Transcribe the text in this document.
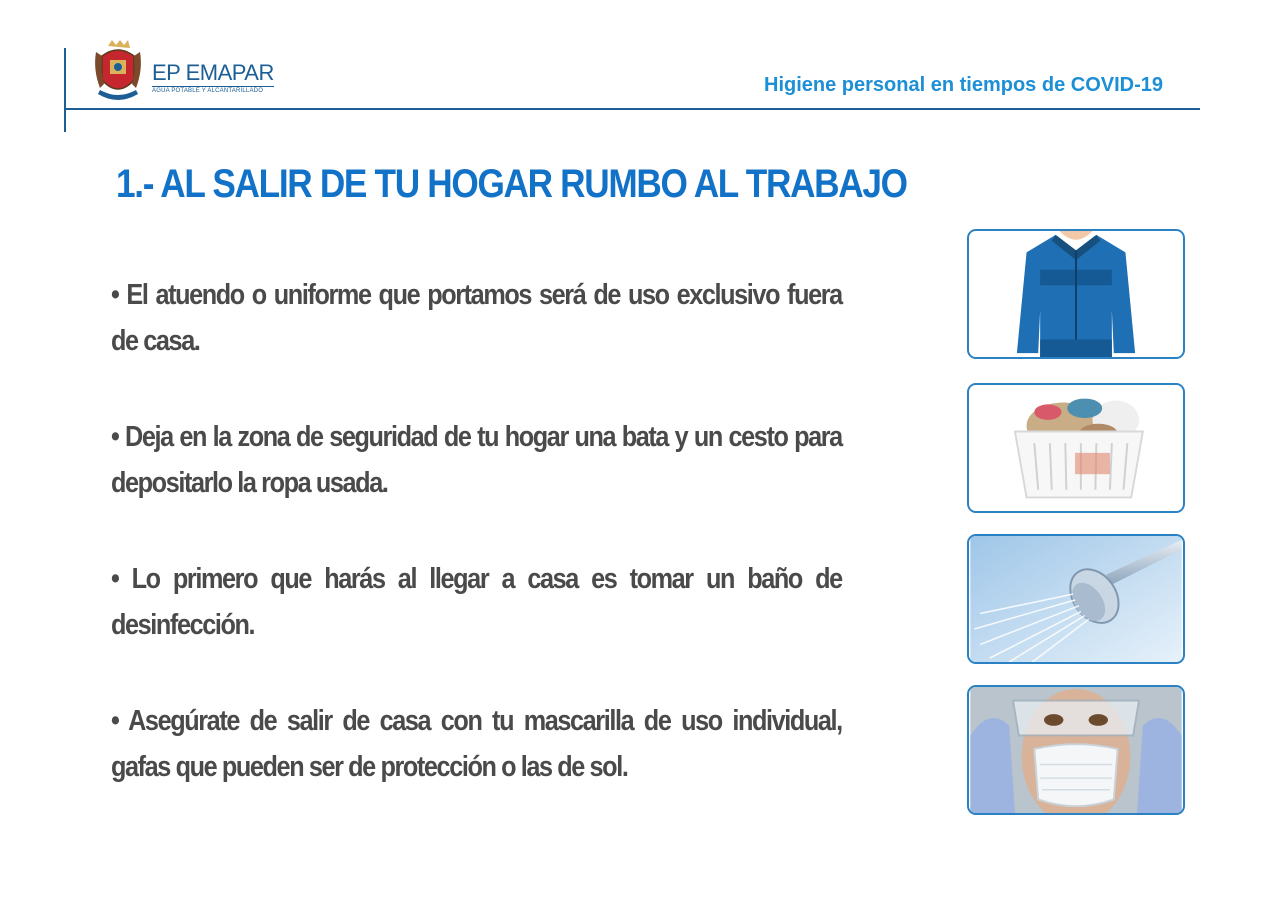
EP EMAPAR
AGUA POTABLE Y ALCANTARILLADO	Higiene personal en tiempos de COVID-19
1.- AL SALIR DE TU HOGAR RUMBO AL TRABAJO
• El atuendo o uniforme que portamos será de uso exclusivo fuera de casa.
• Deja en la zona de seguridad de tu hogar una bata y un cesto para depositarlo la ropa usada.
• Lo primero que harás al llegar a casa es tomar un baño de desinfección.
• Asegúrate de salir de casa con tu mascarilla de uso individual, gafas que pueden ser de protección o las de sol.
